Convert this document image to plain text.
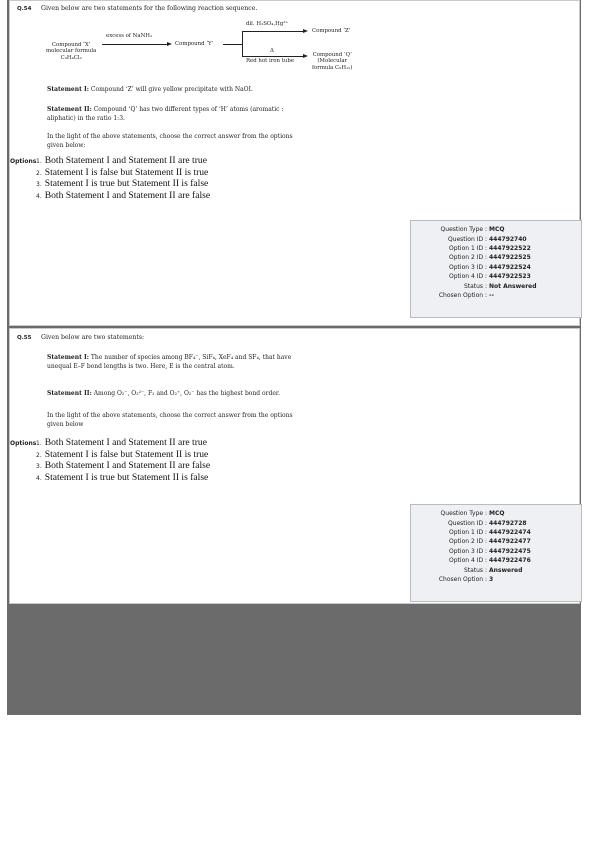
Q.54 Given below are two statements for the following reaction sequence.
Compound ‘X’
molecular formula
C₃H₄Cl₂
excess of NaNH₂
Compound ‘Y’
dil. H₂SO₄,Hg²⁺
Compound ‘Z’
Δ
Red hot iron tube
Compound ‘Q’
(Molecular
formula C₉H₁₂)
Statement I: Compound ‘Z’ will give yellow precipitate with NaOI.
Statement II: Compound ‘Q’ has two different types of ‘H’ atoms (aromatic :
aliphatic) in the ratio 1:3.
In the light of the above statements, choose the correct answer from the options
given below:
Options 1. Both Statement I and Statement II are true
2. Statement I is false but Statement II is true
3. Statement I is true but Statement II is false
4. Both Statement I and Statement II are false
Question Type : MCQ
Question ID : 444792740
Option 1 ID : 4447922522
Option 2 ID : 4447922525
Option 3 ID : 4447922524
Option 4 ID : 4447922523
Status : Not Answered
Chosen Option : --
Q.55 Given below are two statements:
Statement I: The number of species among BF₄⁻, SiF₄, XeF₄ and SF₄, that have
unequal E–F bond lengths is two. Here, E is the central atom.
Statement II: Among O₂⁻, O₂²⁻, F₂ and O₂⁺, O₂⁻ has the highest bond order.
In the light of the above statements, choose the correct answer from the options
given below
Options 1. Both Statement I and Statement II are true
2. Statement I is false but Statement II is true
3. Both Statement I and Statement II are false
4. Statement I is true but Statement II is false
Question Type : MCQ
Question ID : 444792728
Option 1 ID : 4447922474
Option 2 ID : 4447922477
Option 3 ID : 4447922475
Option 4 ID : 4447922476
Status : Answered
Chosen Option : 3
